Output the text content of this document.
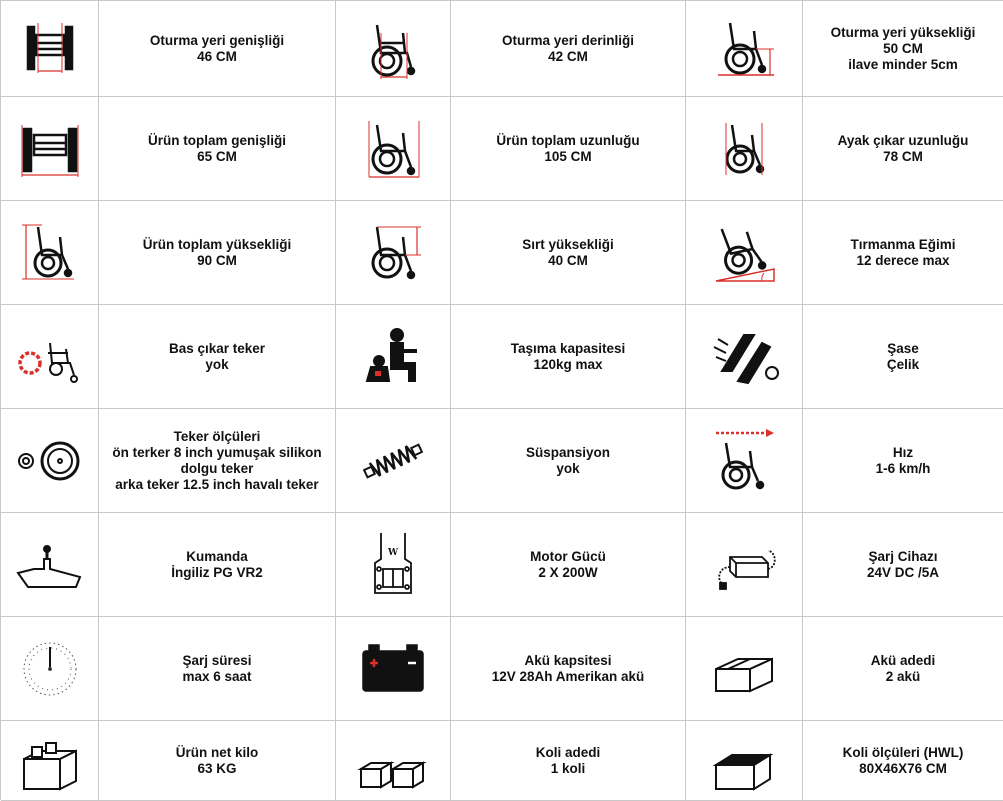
Oturma yeri genişliği
46 CM
Oturma yeri derinliği
42 CM
Oturma yeri yüksekliği
50 CM
ilave minder 5cm
Ürün toplam genişliği
65 CM
Ürün toplam uzunluğu
105 CM
Ayak çıkar uzunluğu
78 CM
Ürün toplam yüksekliği
90 CM
Sırt yüksekliği
40 CM
Tırmanma Eğimi
12 derece max
Bas çıkar teker
yok
Taşıma kapasitesi
120kg max
Şase
Çelik
Teker ölçüleri
ön terker 8 inch yumuşak silikon
dolgu teker
arka teker 12.5 inch havalı teker
Süspansiyon
yok
Hız
1-6 km/h
Kumanda
İngiliz PG VR2
W	Motor Gücü
2 X 200W
Şarj Cihazı
24V DC /5A
Şarj süresi
max 6 saat
Akü kapsitesi
12V 28Ah Amerikan akü
Akü adedi
2 akü
Ürün net kilo
63 KG
Koli adedi
1 koli
Koli ölçüleri (HWL)
80X46X76 CM
